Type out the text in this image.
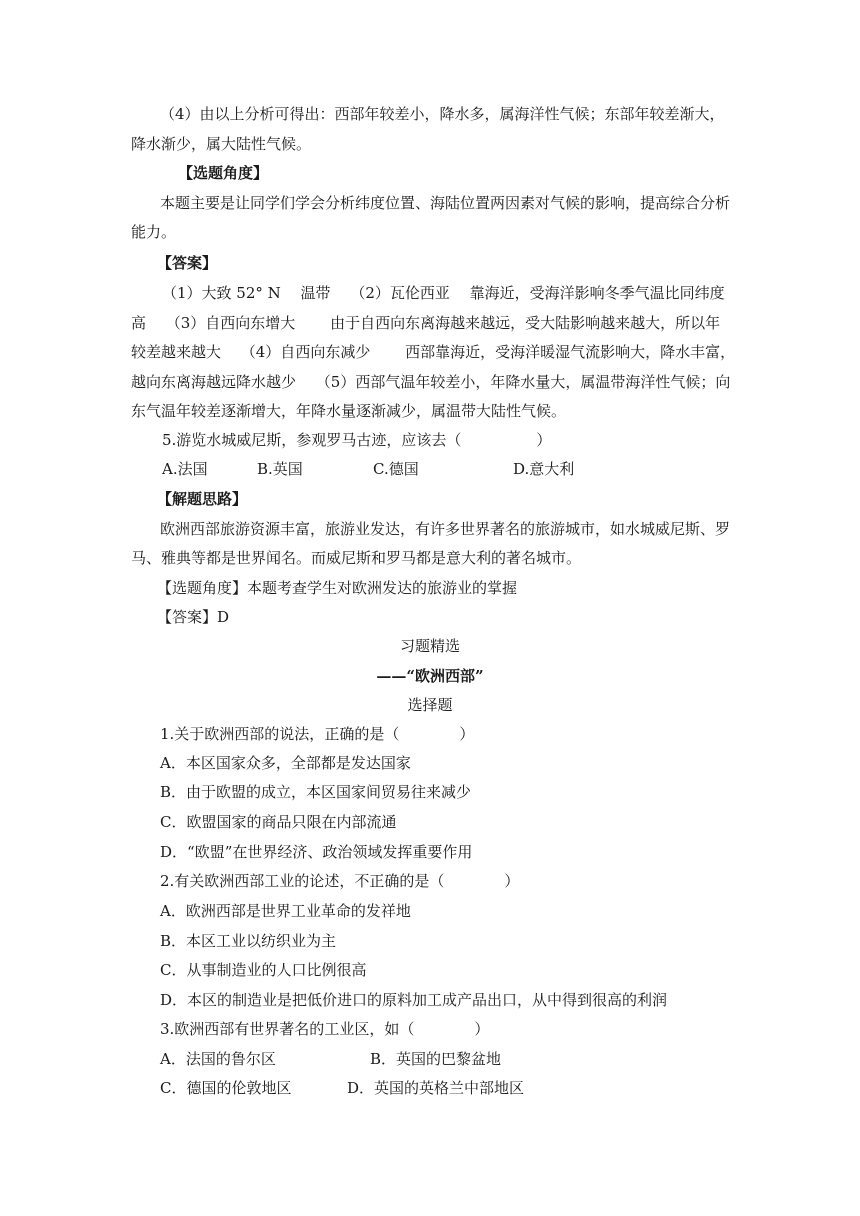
（4）由以上分析可得出：西部年较差小，降水多，属海洋性气候；东部年较差渐大，
降水渐少，属大陆性气候。
【选题角度】
本题主要是让同学们学会分析纬度位置、海陆位置两因素对气候的影响，提高综合分析
能力。
【答案】
（1）大致 52° N　 温带　 （2）瓦伦西亚　 靠海近，受海洋影响冬季气温比同纬度
高　 （3）自西向东增大　　 由于自西向东离海越来越远，受大陆影响越来越大，所以年
较差越来越大　 （4）自西向东减少　　 西部靠海近，受海洋暖湿气流影响大，降水丰富，
越向东离海越远降水越少　 （5）西部气温年较差小，年降水量大，属温带海洋性气候；向
东气温年较差逐渐增大，年降水量逐渐减少，属温带大陆性气候。
5.游览水城威尼斯，参观罗马古迹，应该去（　　　　　）
A.法国	B.英国	C.德国	D.意大利
【解题思路】
欧洲西部旅游资源丰富，旅游业发达，有许多世界著名的旅游城市，如水城威尼斯、罗
马、雅典等都是世界闻名。而威尼斯和罗马都是意大利的著名城市。
【选题角度】本题考查学生对欧洲发达的旅游业的掌握
【答案】D
习题精选
——“欧洲西部”
选择题
1.关于欧洲西部的说法，正确的是（　　　　）
A．本区国家众多，全部都是发达国家
B．由于欧盟的成立，本区国家间贸易往来减少
C．欧盟国家的商品只限在内部流通
D．“欧盟”在世界经济、政治领域发挥重要作用
2.有关欧洲西部工业的论述，不正确的是（　　　　）
A．欧洲西部是世界工业革命的发祥地
B．本区工业以纺织业为主
C．从事制造业的人口比例很高
D．本区的制造业是把低价进口的原料加工成产品出口，从中得到很高的利润
3.欧洲西部有世界著名的工业区，如（　　　　）
A．法国的鲁尔区	B．英国的巴黎盆地
C．德国的伦敦地区	D．英国的英格兰中部地区
